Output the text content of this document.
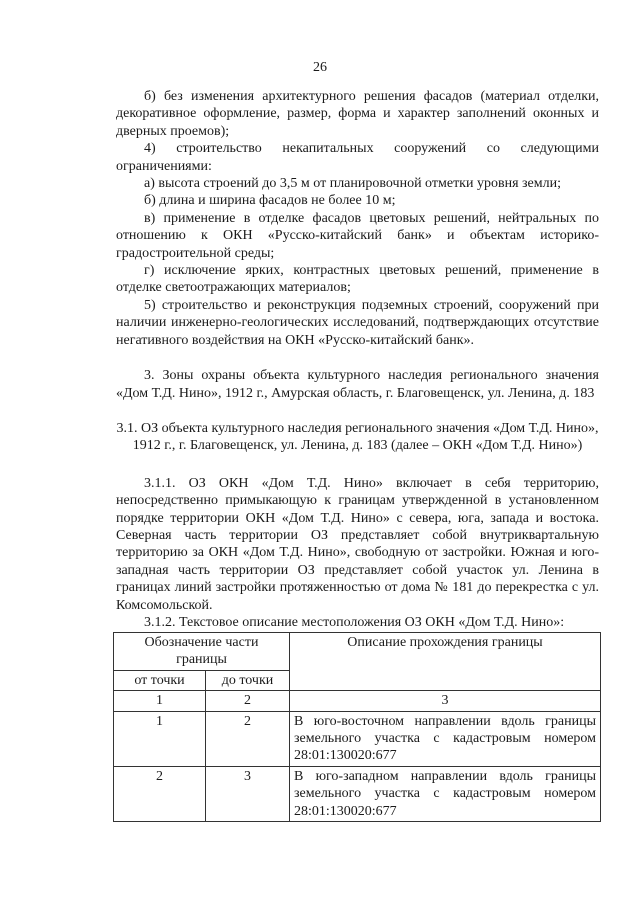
26

б) без изменения архитектурного решения фасадов (материал отделки, декоративное оформление, размер, форма и характер заполнений оконных и дверных проемов);

4) строительство некапитальных сооружений со следующими ограничениями:

а) высота строений до 3,5 м от планировочной отметки уровня земли;

б) длина и ширина фасадов не более 10 м;

в) применение в отделке фасадов цветовых решений, нейтральных по отношению к ОКН «Русско-китайский банк» и объектам историко-градостроительной среды;

г) исключение ярких, контрастных цветовых решений, применение в отделке светоотражающих материалов;

5) строительство и реконструкция подземных строений, сооружений при наличии инженерно-геологических исследований, подтверждающих отсутствие негативного воздействия на ОКН «Русско-китайский банк».

3. Зоны охраны объекта культурного наследия регионального значения «Дом Т.Д. Нино», 1912 г., Амурская область, г. Благовещенск, ул. Ленина, д. 183

3.1. ОЗ объекта культурного наследия регионального значения «Дом Т.Д. Нино», 1912 г., г. Благовещенск, ул. Ленина, д. 183 (далее – ОКН «Дом Т.Д. Нино»)

3.1.1. ОЗ ОКН «Дом Т.Д. Нино» включает в себя территорию, непосредственно примыкающую к границам утвержденной в установленном порядке территории ОКН «Дом Т.Д. Нино» с севера, юга, запада и востока. Северная часть территории ОЗ представляет собой внутриквартальную территорию за ОКН «Дом Т.Д. Нино», свободную от застройки. Южная и юго-западная часть территории ОЗ представляет собой участок ул. Ленина в границах линий застройки протяженностью от дома № 181 до перекрестка с ул. Комсомольской.

3.1.2. Текстовое описание местоположения ОЗ ОКН «Дом Т.Д. Нино»:

Обозначение части границы		Описание прохождения границы
от точки	до точки	
1	2	3
1	2	В юго-восточном направлении вдоль границы земельного участка с кадастровым номером 28:01:130020:677
2	3	В юго-западном направлении вдоль границы земельного участка с кадастровым номером 28:01:130020:677
